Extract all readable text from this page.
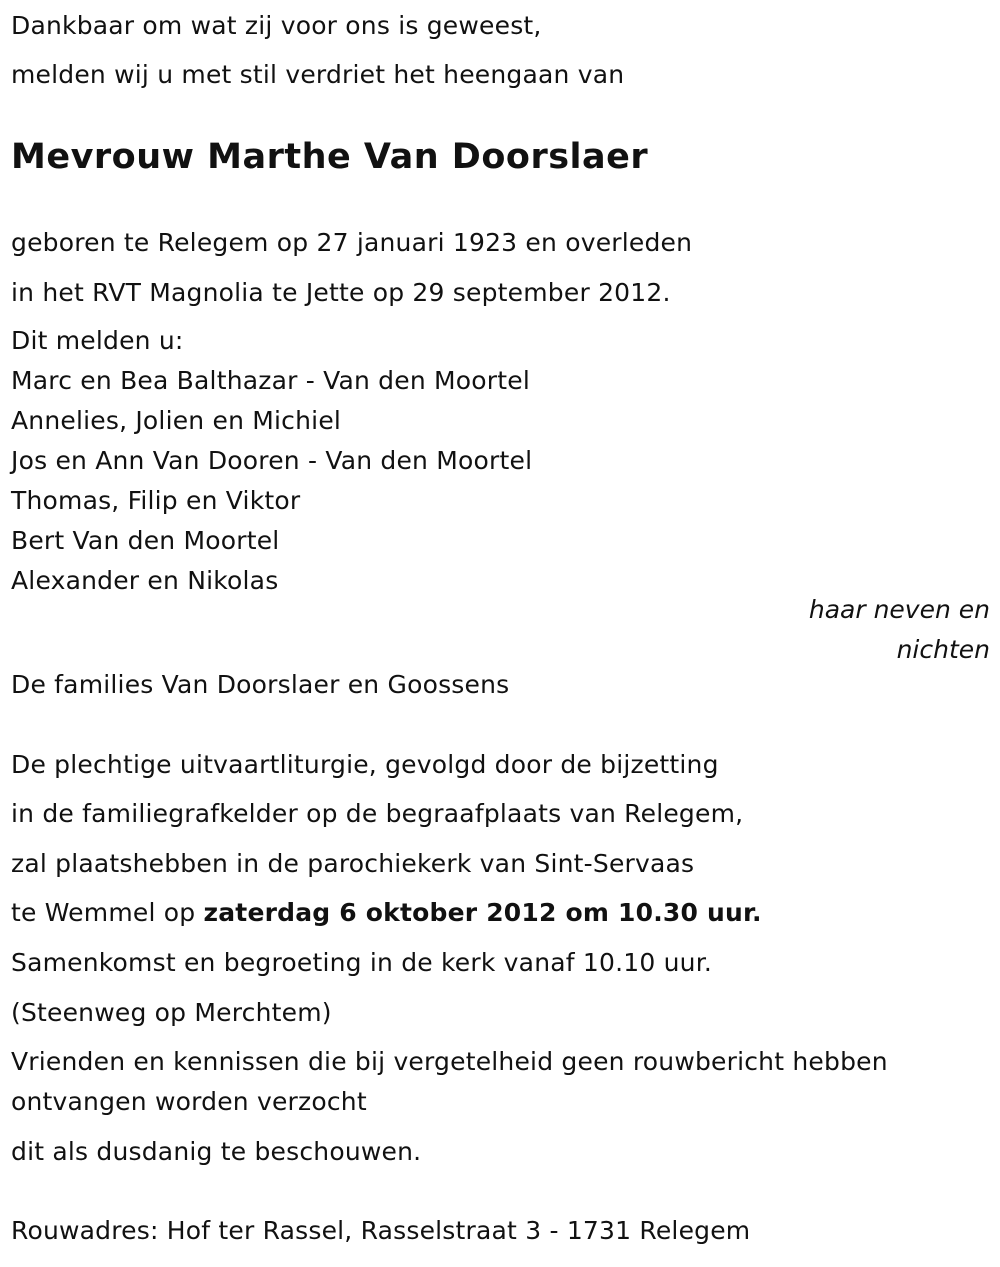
Dankbaar om wat zij voor ons is geweest,
melden wij u met stil verdriet het heengaan van
Mevrouw Marthe Van Doorslaer
geboren te Relegem op 27 januari 1923 en overleden
in het RVT Magnolia te Jette op 29 september 2012.
Dit melden u:
Marc en Bea Balthazar - Van den Moortel
Annelies, Jolien en Michiel
Jos en Ann Van Dooren - Van den Moortel
Thomas, Filip en Viktor
Bert Van den Moortel
Alexander en Nikolas
haar neven en
nichten
De families Van Doorslaer en Goossens
De plechtige uitvaartliturgie, gevolgd door de bijzetting
in de familiegrafkelder op de begraafplaats van Relegem,
zal plaatshebben in de parochiekerk van Sint-Servaas
te Wemmel op zaterdag 6 oktober 2012 om 10.30 uur.
Samenkomst en begroeting in de kerk vanaf 10.10 uur.
(Steenweg op Merchtem)
Vrienden en kennissen die bij vergetelheid geen rouwbericht hebben
ontvangen worden verzocht
dit als dusdanig te beschouwen.
Rouwadres: Hof ter Rassel, Rasselstraat 3 - 1731 Relegem
